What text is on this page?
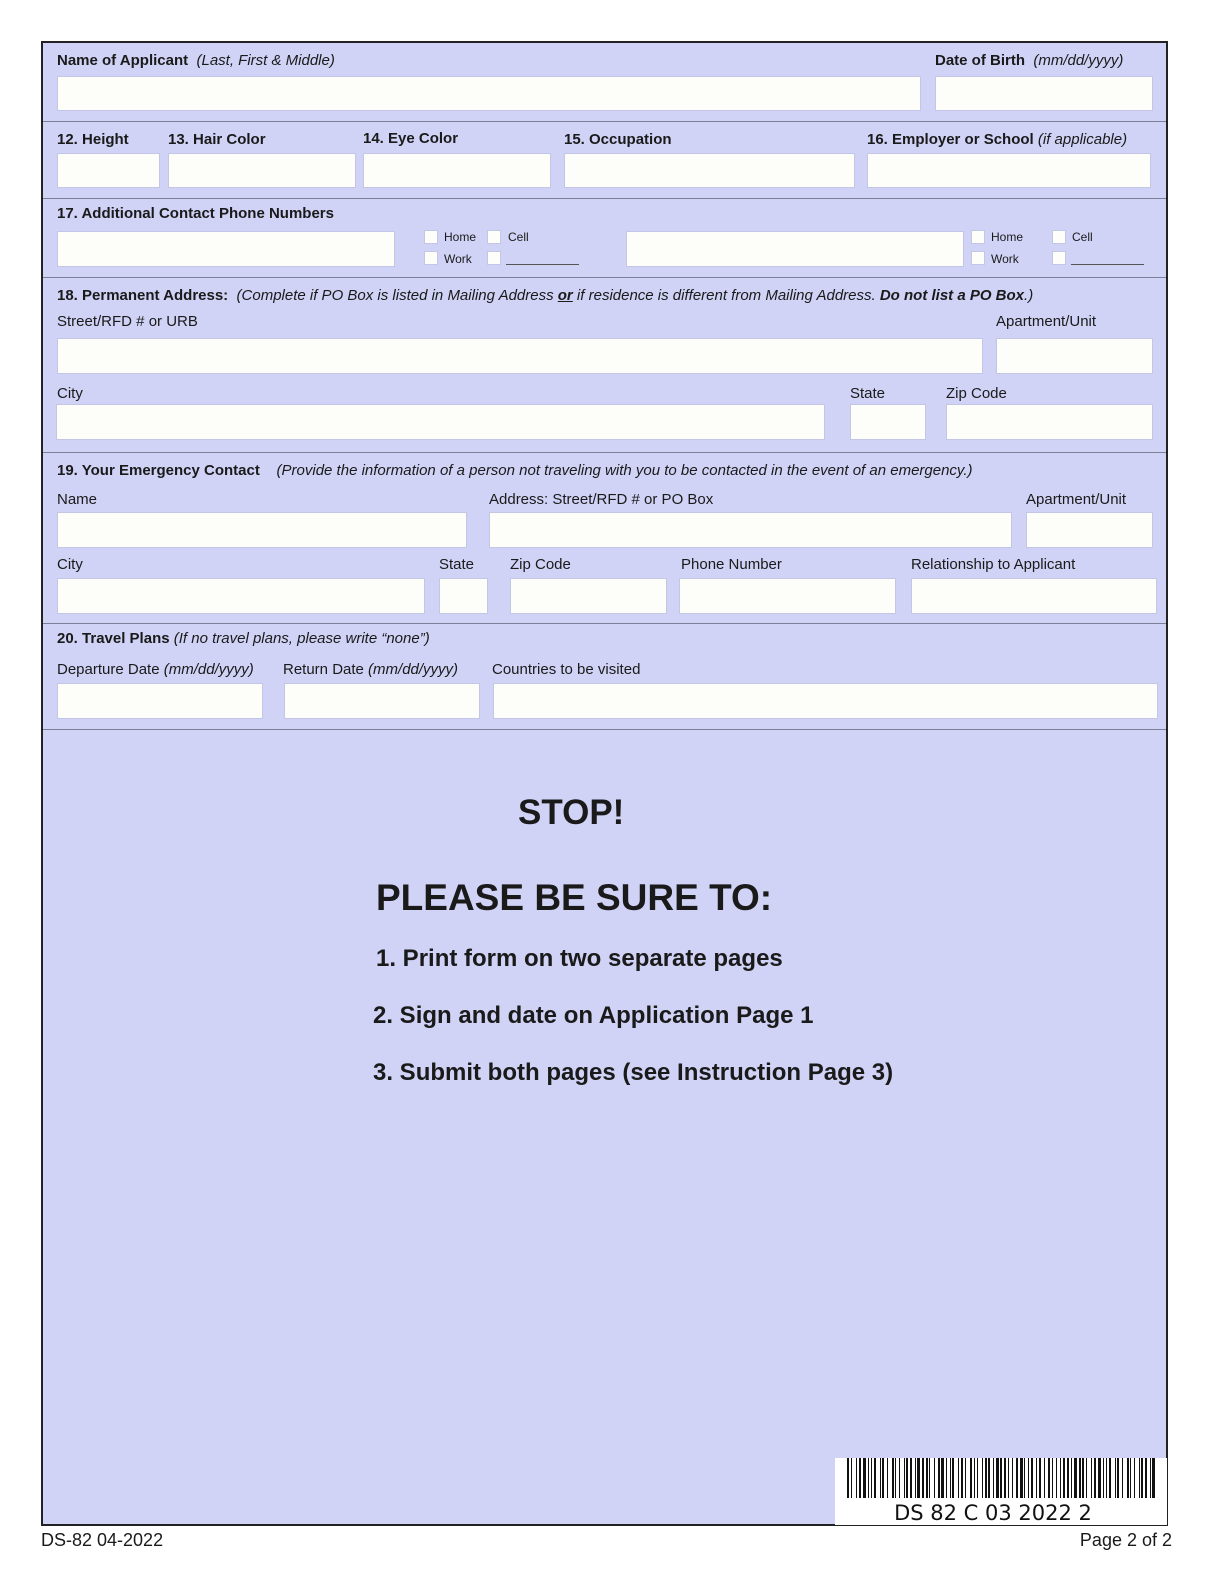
Name of Applicant (Last, First & Middle)	Date of Birth (mm/dd/yyyy)
12. Height	13. Hair Color	14. Eye Color	15. Occupation	16. Employer or School (if applicable)
17. Additional Contact Phone Numbers
Home	Cell
Work
Home	Cell
Work
18. Permanent Address: (Complete if PO Box is listed in Mailing Address or if residence is different from Mailing Address. Do not list a PO Box.)
Street/RFD # or URB	Apartment/Unit
City	State	Zip Code
19. Your Emergency Contact (Provide the information of a person not traveling with you to be contacted in the event of an emergency.)
Name	Address: Street/RFD # or PO Box	Apartment/Unit
City	State Zip Code	Phone Number	Relationship to Applicant
20. Travel Plans (If no travel plans, please write “none”)
Departure Date (mm/dd/yyyy) Return Date (mm/dd/yyyy) Countries to be visited
STOP!
PLEASE BE SURE TO:
1. Print form on two separate pages
2. Sign and date on Application Page 1
3. Submit both pages (see Instruction Page 3)
DS 82 C 03 2022 2
DS-82 04-2022	Page 2 of 2
